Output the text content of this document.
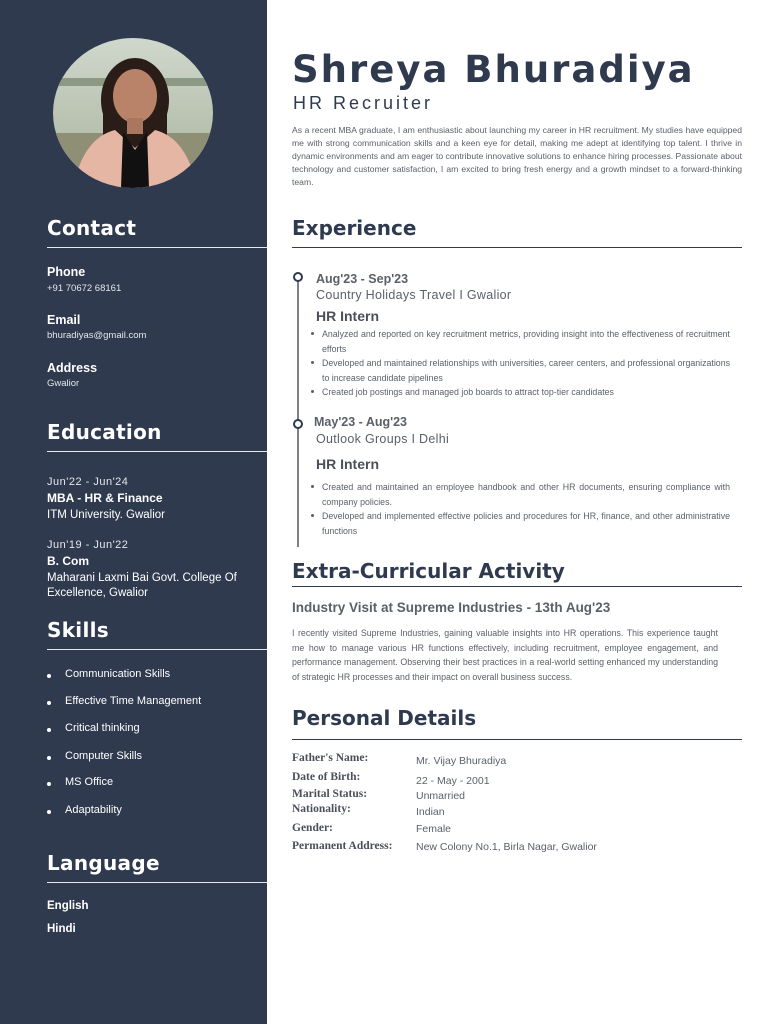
Contact
Phone
+91 70672 68161
Email
bhuradiyas@gmail.com
Address
Gwalior
Education
Jun'22 - Jun'24
MBA - HR & Finance
ITM University. Gwalior
Jun'19 - Jun'22
B. Com
Maharani Laxmi Bai Govt. College Of Excellence, Gwalior
Skills
Communication Skills
Effective Time Management
Critical thinking
Computer Skills
MS Office
Adaptability
Language
English
Hindi
Shreya Bhuradiya
HR Recruiter
As a recent MBA graduate, I am enthusiastic about launching my career in HR recruitment. My studies have equipped me with strong communication skills and a keen eye for detail, making me adept at identifying top talent. I thrive in dynamic environments and am eager to contribute innovative solutions to enhance hiring processes. Passionate about technology and customer satisfaction, I am excited to bring fresh energy and a growth mindset to a forward-thinking team.
Experience
Aug'23 - Sep'23
Country Holidays Travel I Gwalior
HR Intern
Analyzed and reported on key recruitment metrics, providing insight into the effectiveness of recruitment efforts
Developed and maintained relationships with universities, career centers, and professional organizations to increase candidate pipelines
Created job postings and managed job boards to attract top-tier candidates
May'23 - Aug'23
Outlook Groups I Delhi
HR Intern
Created and maintained an employee handbook and other HR documents, ensuring compliance with company policies.
Developed and implemented effective policies and procedures for HR, finance, and other administrative functions
Extra-Curricular Activity
Industry Visit at Supreme Industries - 13th Aug'23
I recently visited Supreme Industries, gaining valuable insights into HR operations. This experience taught me how to manage various HR functions effectively, including recruitment, employee engagement, and performance management. Observing their best practices in a real-world setting enhanced my understanding of strategic HR processes and their impact on overall business success.
Personal Details
Father's Name:	Mr. Vijay Bhuradiya
Date of Birth:	22 - May - 2001
Marital Status:	Unmarried
Nationality:	Indian
Gender:	Female
Permanent Address: New Colony No.1, Birla Nagar, Gwalior
